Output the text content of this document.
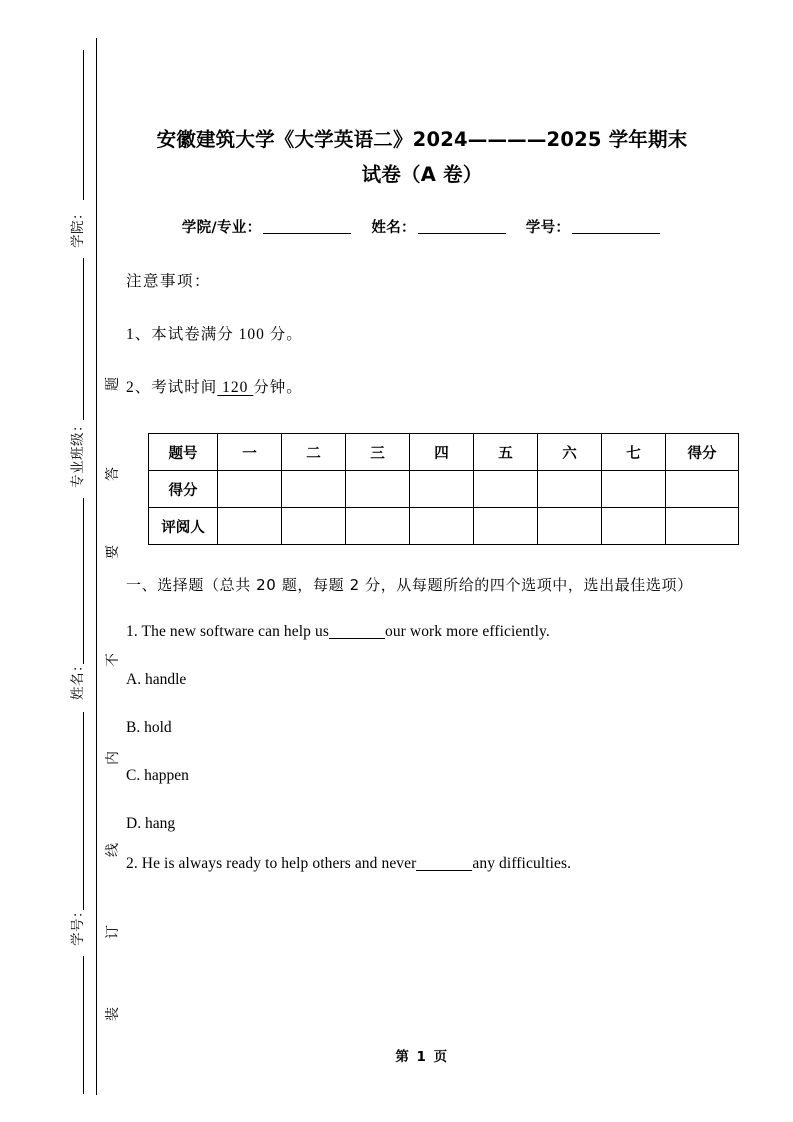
学号：
姓名：
专业班级：
学院：
装
订
线
内
不
要
答
题
安徽建筑大学《大学英语二》2024————2025 学年期末
试卷（A 卷）

学院/专业：	姓名：	学号：

注意事项：

1、本试卷满分 100 分。

2、考试时间 120 分钟。

题号	一	二	三	四	五	六	七	得分
得分								
评阅人								

一、选择题（总共 20 题，每题 2 分，从每题所给的四个选项中，选出最佳选项）

1. The new software can help us	our work more efficiently.

A. handle

B. hold

C. happen

D. hang

2. He is always ready to help others and never	any difficulties.

第 1 页
